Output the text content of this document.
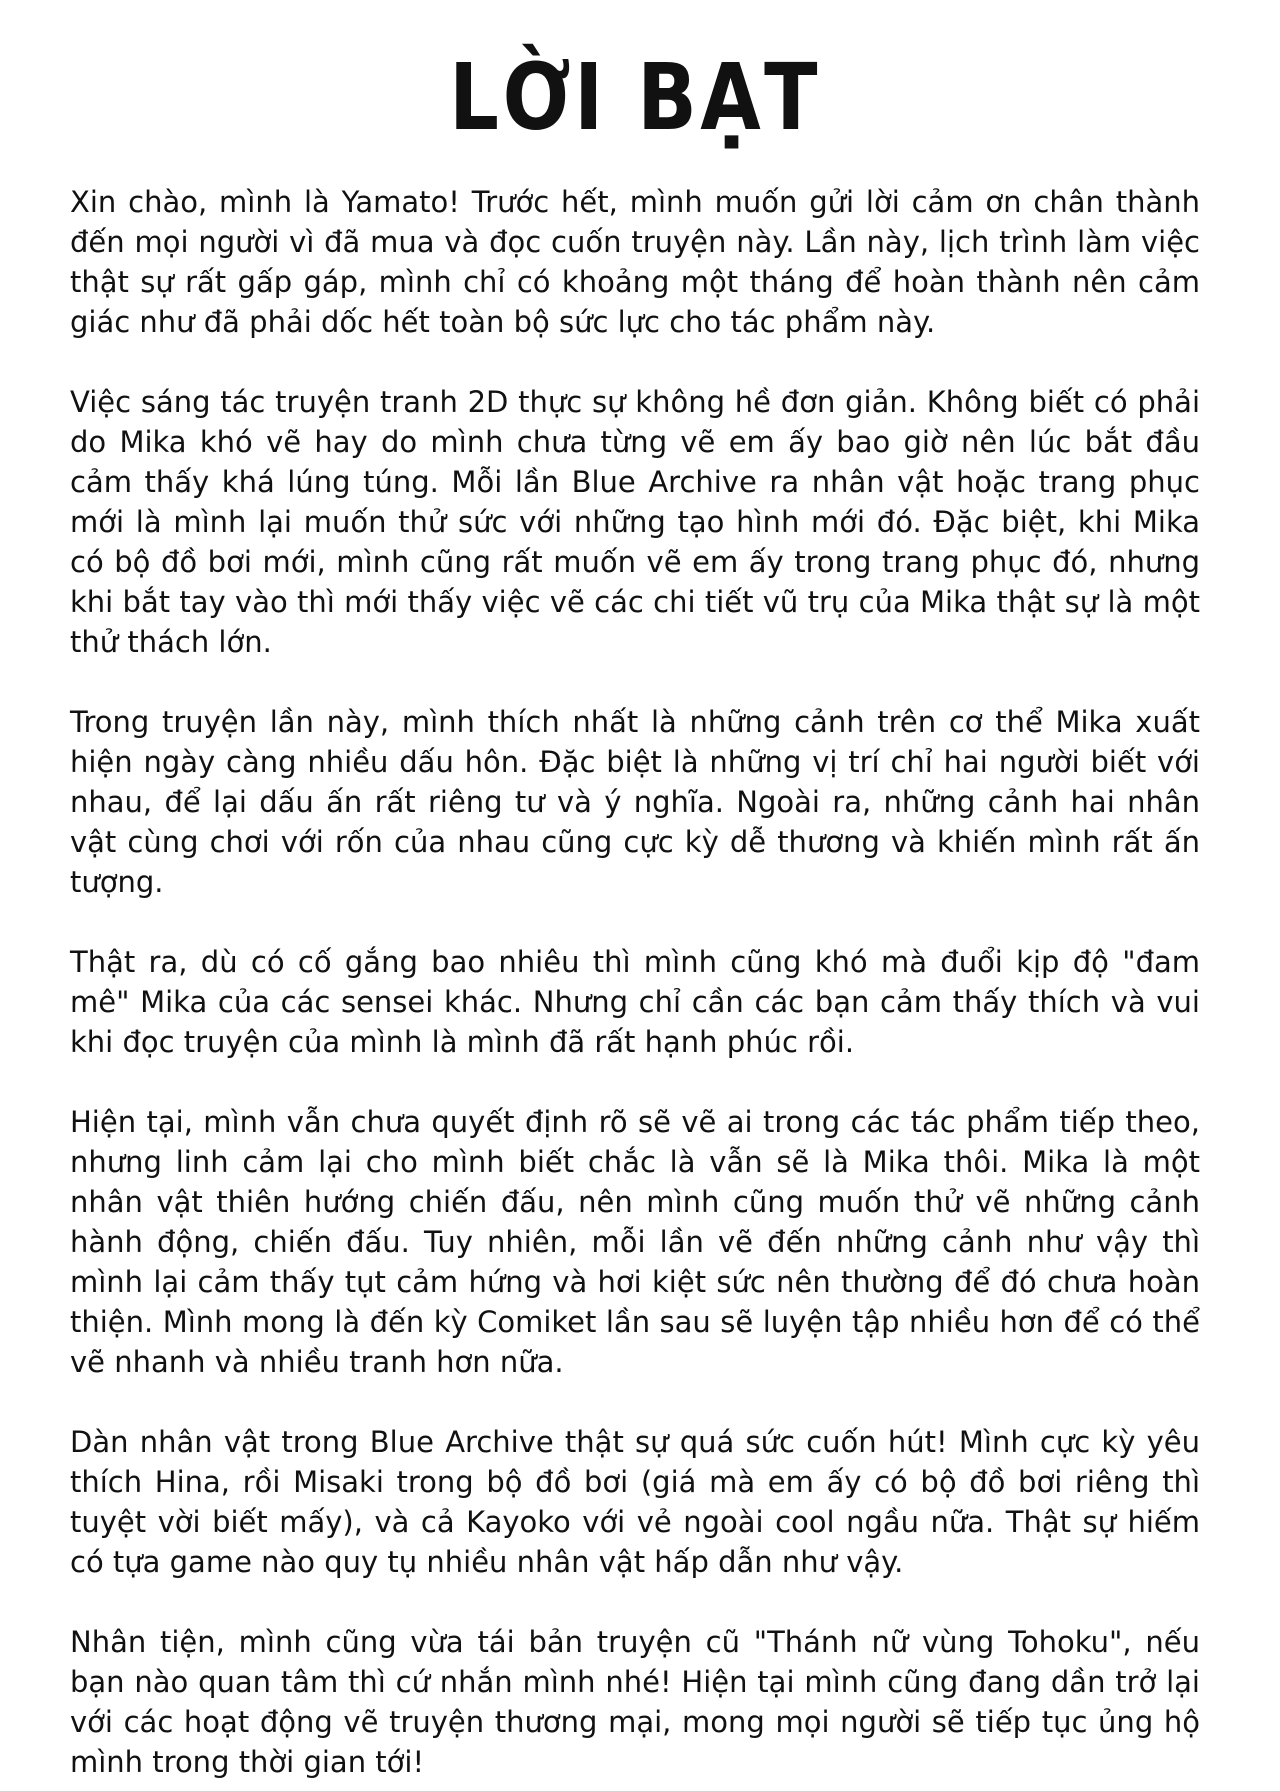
LỜI BẠT

Xin chào, mình là Yamato! Trước hết, mình muốn gửi lời cảm ơn chân thành đến mọi người vì đã mua và đọc cuốn truyện này. Lần này, lịch trình làm việc thật sự rất gấp gáp, mình chỉ có khoảng một tháng để hoàn thành nên cảm giác như đã phải dốc hết toàn bộ sức lực cho tác phẩm này.

Việc sáng tác truyện tranh 2D thực sự không hề đơn giản. Không biết có phải do Mika khó vẽ hay do mình chưa từng vẽ em ấy bao giờ nên lúc bắt đầu cảm thấy khá lúng túng. Mỗi lần Blue Archive ra nhân vật hoặc trang phục mới là mình lại muốn thử sức với những tạo hình mới đó. Đặc biệt, khi Mika có bộ đồ bơi mới, mình cũng rất muốn vẽ em ấy trong trang phục đó, nhưng khi bắt tay vào thì mới thấy việc vẽ các chi tiết vũ trụ của Mika thật sự là một thử thách lớn.

Trong truyện lần này, mình thích nhất là những cảnh trên cơ thể Mika xuất hiện ngày càng nhiều dấu hôn. Đặc biệt là những vị trí chỉ hai người biết với nhau, để lại dấu ấn rất riêng tư và ý nghĩa. Ngoài ra, những cảnh hai nhân vật cùng chơi với rốn của nhau cũng cực kỳ dễ thương và khiến mình rất ấn tượng.

Thật ra, dù có cố gắng bao nhiêu thì mình cũng khó mà đuổi kịp độ "đam mê" Mika của các sensei khác. Nhưng chỉ cần các bạn cảm thấy thích và vui khi đọc truyện của mình là mình đã rất hạnh phúc rồi.

Hiện tại, mình vẫn chưa quyết định rõ sẽ vẽ ai trong các tác phẩm tiếp theo, nhưng linh cảm lại cho mình biết chắc là vẫn sẽ là Mika thôi. Mika là một nhân vật thiên hướng chiến đấu, nên mình cũng muốn thử vẽ những cảnh hành động, chiến đấu. Tuy nhiên, mỗi lần vẽ đến những cảnh như vậy thì mình lại cảm thấy tụt cảm hứng và hơi kiệt sức nên thường để đó chưa hoàn thiện. Mình mong là đến kỳ Comiket lần sau sẽ luyện tập nhiều hơn để có thể vẽ nhanh và nhiều tranh hơn nữa.

Dàn nhân vật trong Blue Archive thật sự quá sức cuốn hút! Mình cực kỳ yêu thích Hina, rồi Misaki trong bộ đồ bơi (giá mà em ấy có bộ đồ bơi riêng thì tuyệt vời biết mấy), và cả Kayoko với vẻ ngoài cool ngầu nữa. Thật sự hiếm có tựa game nào quy tụ nhiều nhân vật hấp dẫn như vậy.

Nhân tiện, mình cũng vừa tái bản truyện cũ "Thánh nữ vùng Tohoku", nếu bạn nào quan tâm thì cứ nhắn mình nhé! Hiện tại mình cũng đang dần trở lại với các hoạt động vẽ truyện thương mại, mong mọi người sẽ tiếp tục ủng hộ mình trong thời gian tới!
